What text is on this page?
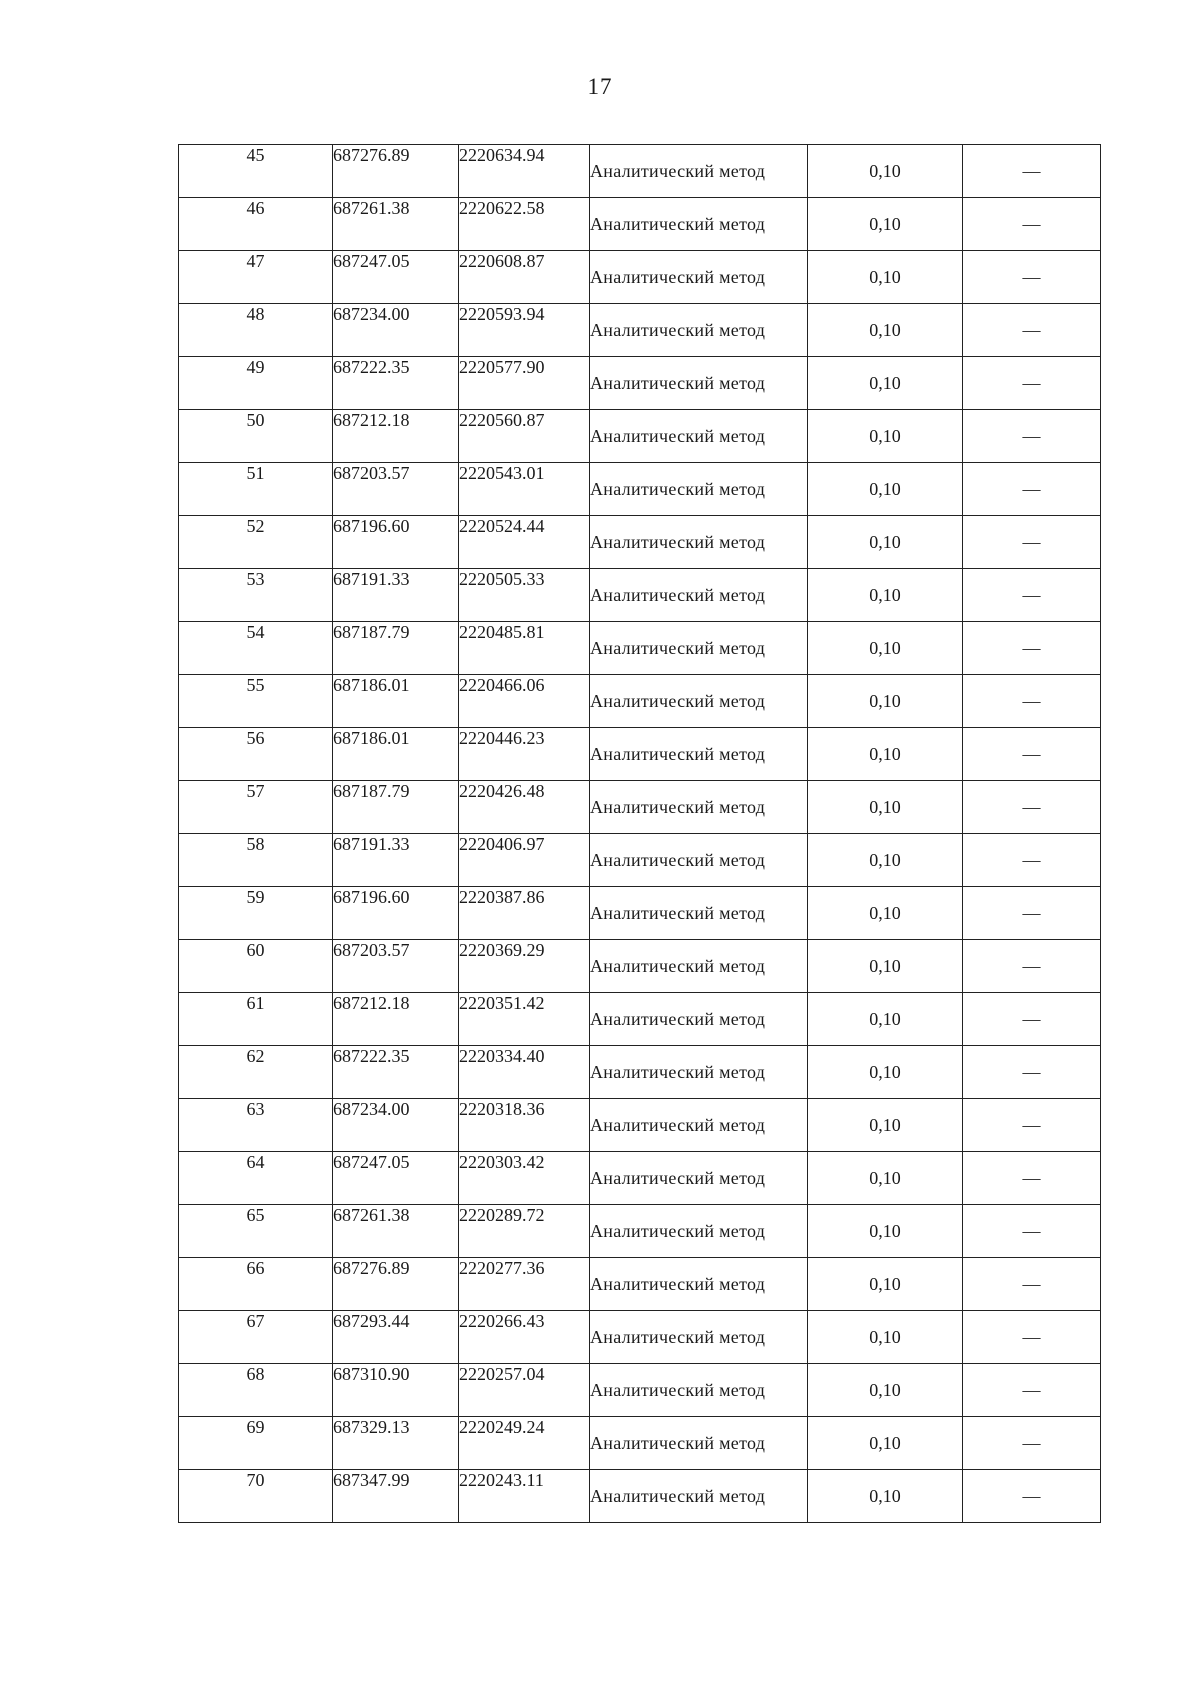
17
45	687276.89	2220634.94	Аналитический метод	0,10	—
46	687261.38	2220622.58	Аналитический метод	0,10	—
47	687247.05	2220608.87	Аналитический метод	0,10	—
48	687234.00	2220593.94	Аналитический метод	0,10	—
49	687222.35	2220577.90	Аналитический метод	0,10	—
50	687212.18	2220560.87	Аналитический метод	0,10	—
51	687203.57	2220543.01	Аналитический метод	0,10	—
52	687196.60	2220524.44	Аналитический метод	0,10	—
53	687191.33	2220505.33	Аналитический метод	0,10	—
54	687187.79	2220485.81	Аналитический метод	0,10	—
55	687186.01	2220466.06	Аналитический метод	0,10	—
56	687186.01	2220446.23	Аналитический метод	0,10	—
57	687187.79	2220426.48	Аналитический метод	0,10	—
58	687191.33	2220406.97	Аналитический метод	0,10	—
59	687196.60	2220387.86	Аналитический метод	0,10	—
60	687203.57	2220369.29	Аналитический метод	0,10	—
61	687212.18	2220351.42	Аналитический метод	0,10	—
62	687222.35	2220334.40	Аналитический метод	0,10	—
63	687234.00	2220318.36	Аналитический метод	0,10	—
64	687247.05	2220303.42	Аналитический метод	0,10	—
65	687261.38	2220289.72	Аналитический метод	0,10	—
66	687276.89	2220277.36	Аналитический метод	0,10	—
67	687293.44	2220266.43	Аналитический метод	0,10	—
68	687310.90	2220257.04	Аналитический метод	0,10	—
69	687329.13	2220249.24	Аналитический метод	0,10	—
70	687347.99	2220243.11	Аналитический метод	0,10	—
